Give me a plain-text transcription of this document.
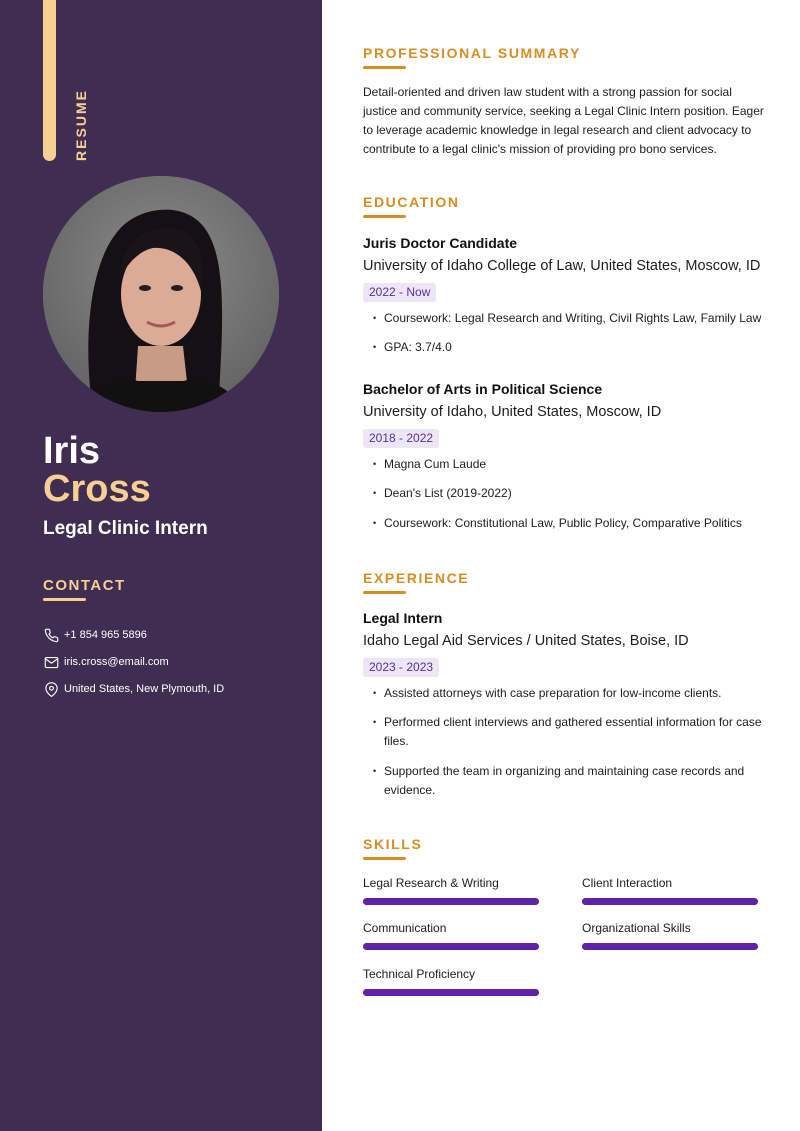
RESUME
Iris
Cross
Legal Clinic Intern
CONTACT
+1 854 965 5896
iris.cross@email.com
United States, New Plymouth, ID
PROFESSIONAL SUMMARY
Detail-oriented and driven law student with a strong passion for social justice and community service, seeking a Legal Clinic Intern position. Eager to leverage academic knowledge in legal research and client advocacy to contribute to a legal clinic's mission of providing pro bono services.
EDUCATION
Juris Doctor Candidate
University of Idaho College of Law, United States, Moscow, ID
2022 - Now
• Coursework: Legal Research and Writing, Civil Rights Law, Family Law
• GPA: 3.7/4.0
Bachelor of Arts in Political Science
University of Idaho, United States, Moscow, ID
2018 - 2022
• Magna Cum Laude
• Dean's List (2019-2022)
• Coursework: Constitutional Law, Public Policy, Comparative Politics
EXPERIENCE
Legal Intern
Idaho Legal Aid Services / United States, Boise, ID
2023 - 2023
• Assisted attorneys with case preparation for low-income clients.
• Performed client interviews and gathered essential information for case files.
• Supported the team in organizing and maintaining case records and evidence.
SKILLS
Legal Research & Writing	Client Interaction
Communication	Organizational Skills
Technical Proficiency
